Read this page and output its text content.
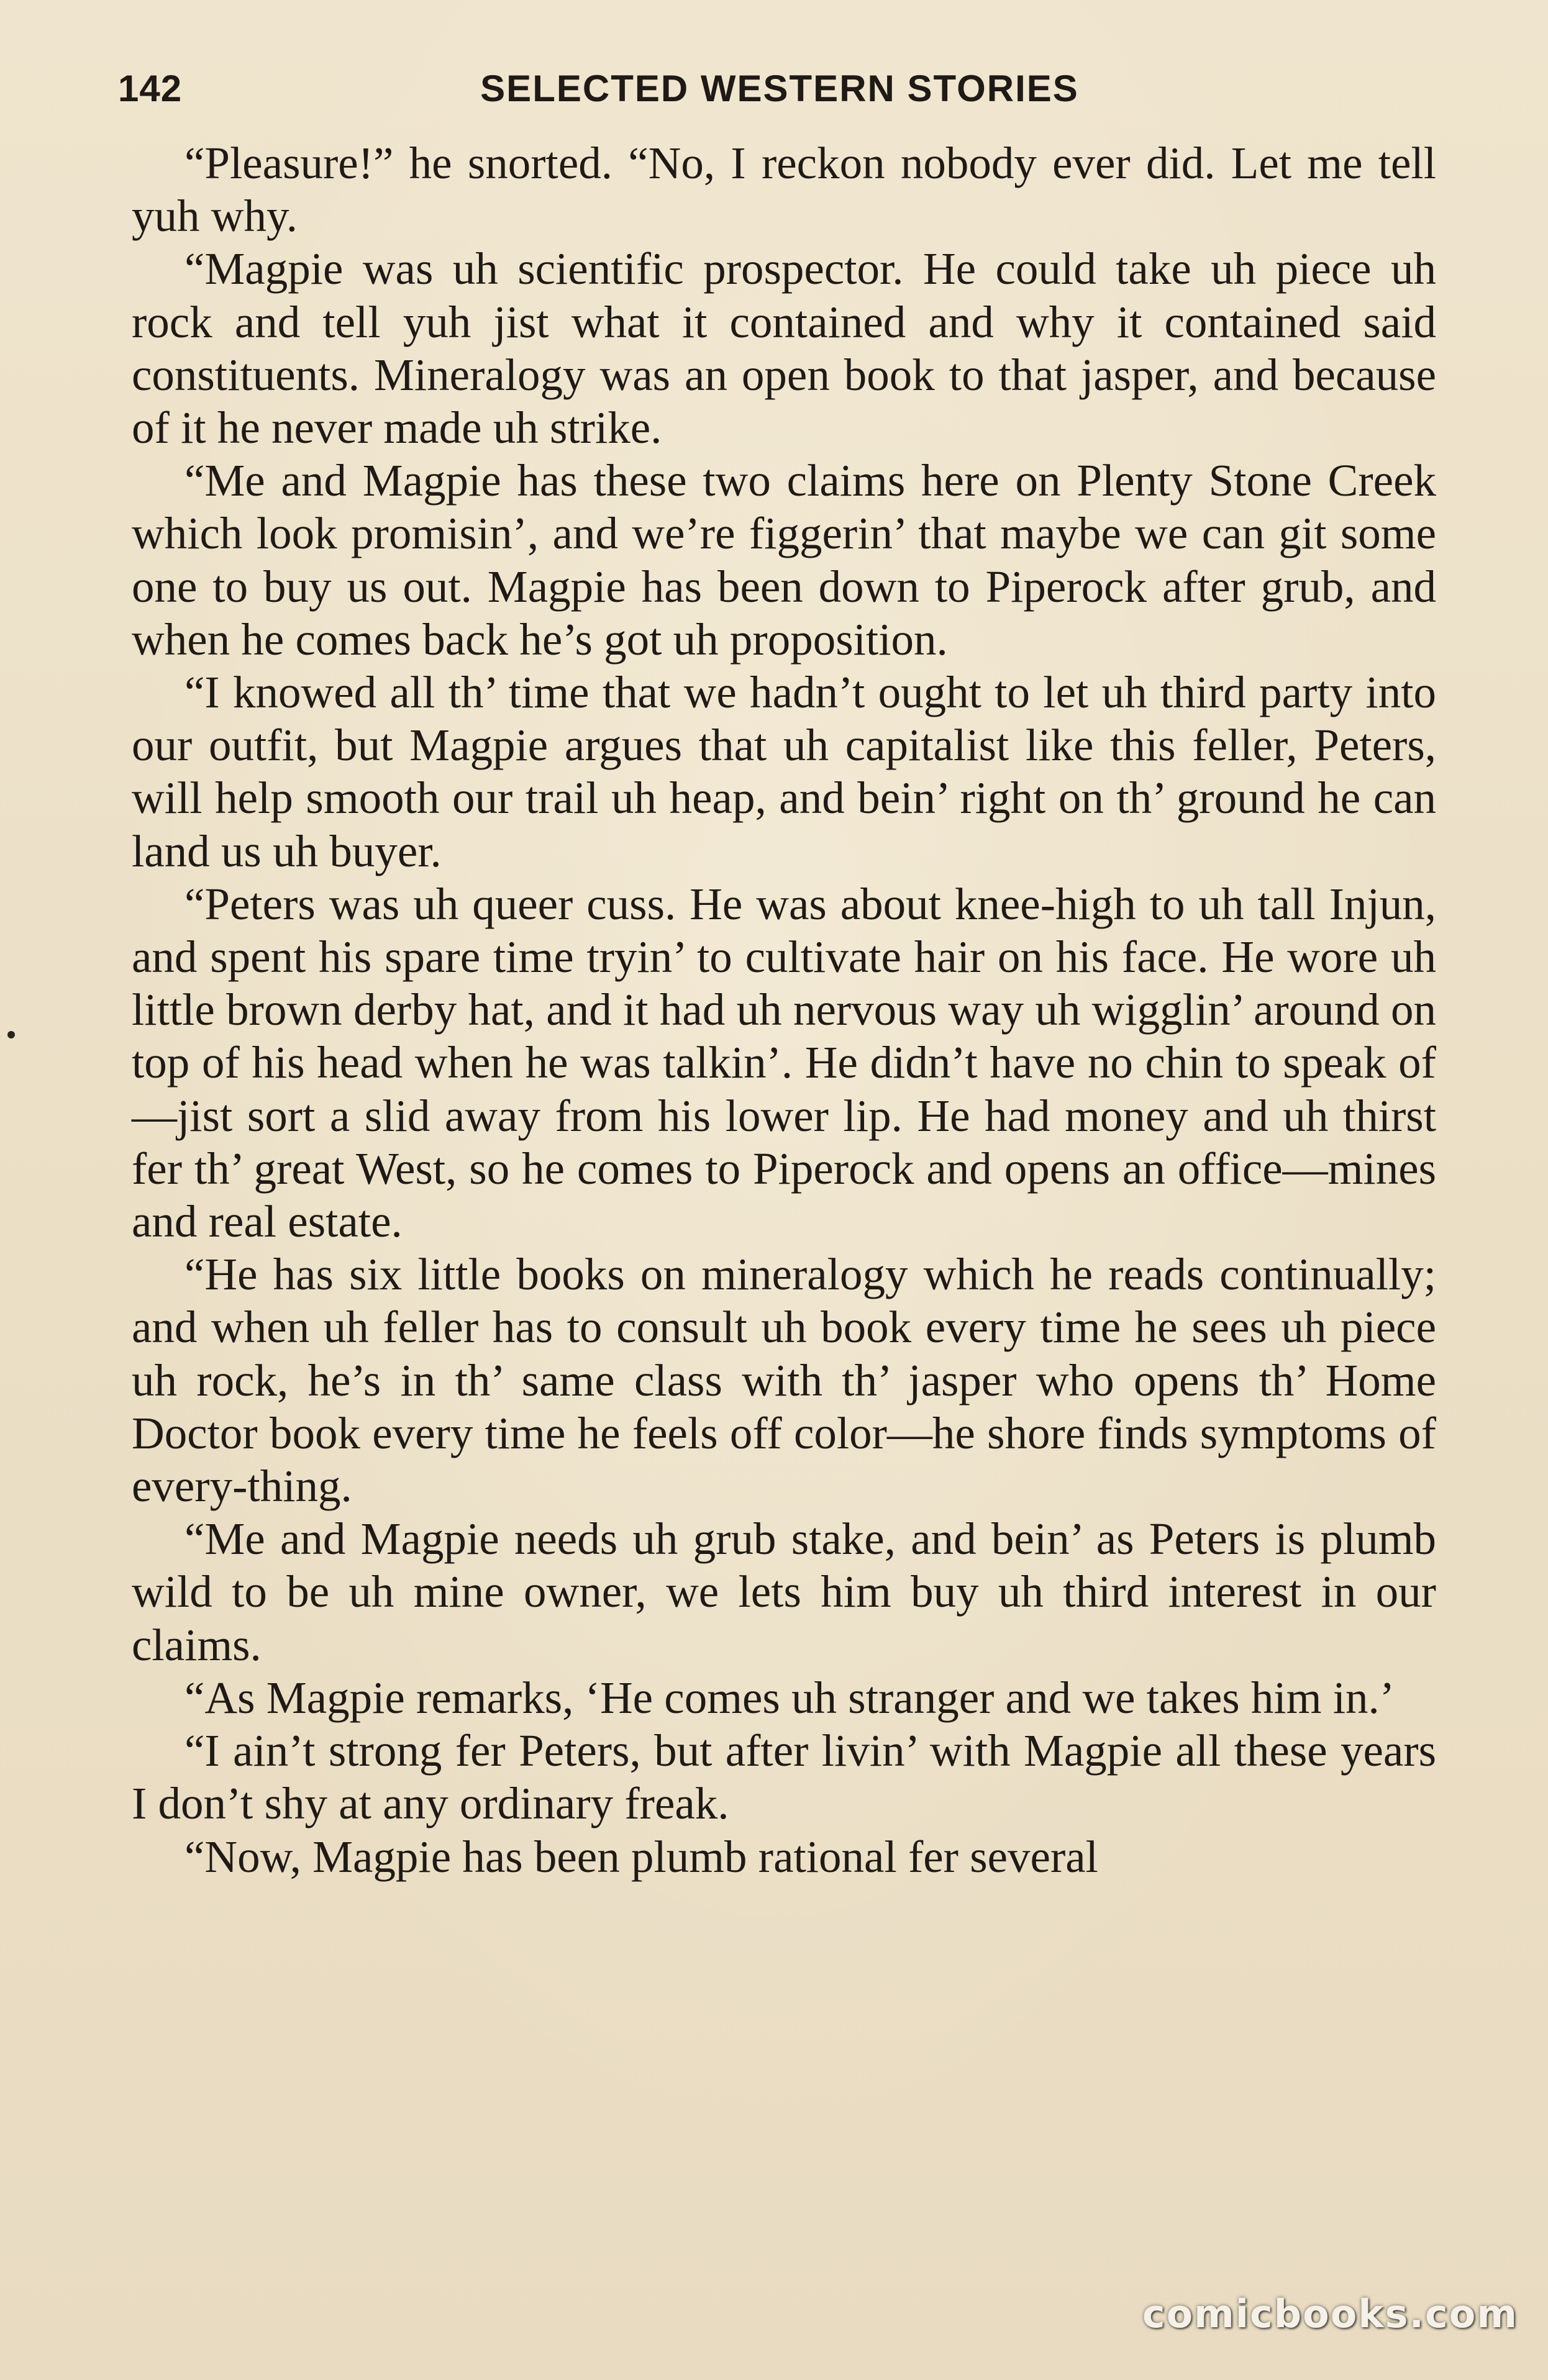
142	SELECTED WESTERN STORIES

“Pleasure!” he snorted. “No, I reckon nobody ever did. Let me tell yuh why.

“Magpie was uh scientific prospector. He could take uh piece uh rock and tell yuh jist what it contained and why it contained said constituents. Mineralogy was an open book to that jasper, and because of it he never made uh strike.

“Me and Magpie has these two claims here on Plenty Stone Creek which look promisin’, and we’re figgerin’ that maybe we can git some one to buy us out. Magpie has been down to Piperock after grub, and when he comes back he’s got uh proposition.

“I knowed all th’ time that we hadn’t ought to let uh third party into our outfit, but Magpie argues that uh capitalist like this feller, Peters, will help smooth our trail uh heap, and bein’ right on th’ ground he can land us uh buyer.

“Peters was uh queer cuss. He was about knee-high to uh tall Injun, and spent his spare time tryin’ to cultivate hair on his face. He wore uh little brown derby hat, and it had uh nervous way uh wigglin’ around on top of his head when he was talkin’. He didn’t have no chin to speak of—jist sort a slid away from his lower lip. He had money and uh thirst fer th’ great West, so he comes to Piperock and opens an office—mines and real estate.

“He has six little books on mineralogy which he reads continually; and when uh feller has to consult uh book every time he sees uh piece uh rock, he’s in th’ same class with th’ jasper who opens th’ Home Doctor book every time he feels off color—he shore finds symptoms of every-thing.

“Me and Magpie needs uh grub stake, and bein’ as Peters is plumb wild to be uh mine owner, we lets him buy uh third interest in our claims.

“As Magpie remarks, ‘He comes uh stranger and we takes him in.’

“I ain’t strong fer Peters, but after livin’ with Magpie all these years I don’t shy at any ordinary freak.

“Now, Magpie has been plumb rational fer several

comicbooks.com
